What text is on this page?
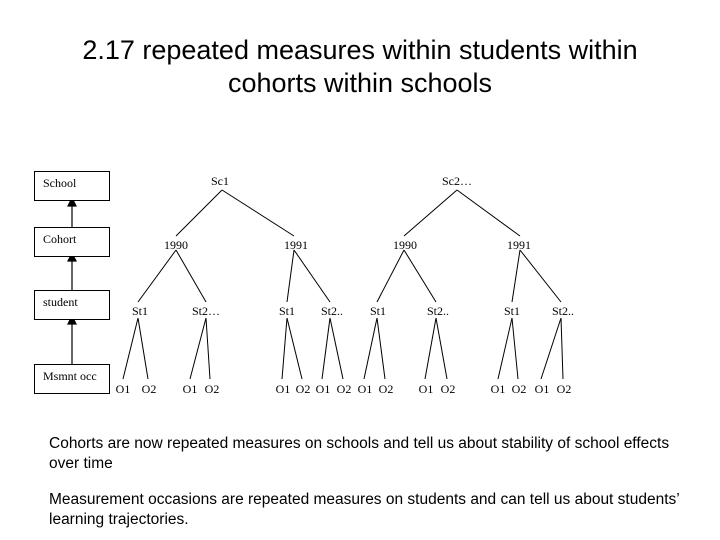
2.17 repeated measures within students within
cohorts within schools
School
Cohort
student
Msmnt occ
Sc1	Sc2…
1990	1991	1990	1991
St1	St2…	St1 St2.. St1	St2..	St1	St2..
O1 O2 O1 O2	O1 O2 O1 O2 O1 O2 O1 O2	O1 O2 O1 O2
Cohorts are now repeated measures on schools and tell us about stability of school effects over time
Measurement occasions are repeated measures on students and can tell us about students’ learning trajectories.
